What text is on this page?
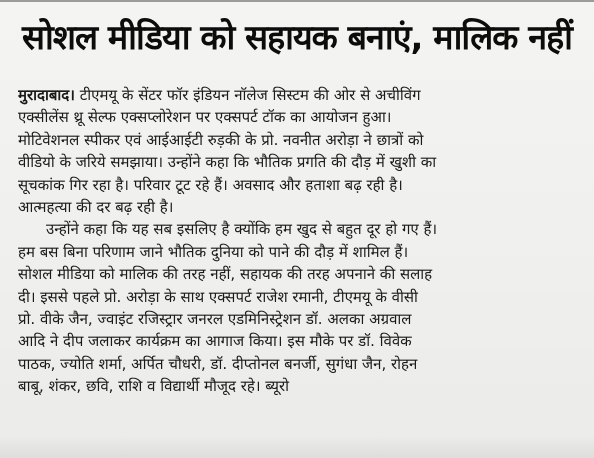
सोशल मीडिया को सहायक बनाएं, मालिक नहीं
मुरादाबाद। टीएमयू के सेंटर फॉर इंडियन नॉलेज सिस्टम की ओर से अचीविंग
एक्सीलेंस थ्रू सेल्फ एक्सप्लोरेशन पर एक्सपर्ट टॉक का आयोजन हुआ।
मोटिवेशनल स्पीकर एवं आईआईटी रुड़की के प्रो. नवनीत अरोड़ा ने छात्रों को
वीडियो के जरिये समझाया। उन्होंने कहा कि भौतिक प्रगति की दौड़ में खुशी का
सूचकांक गिर रहा है। परिवार टूट रहे हैं। अवसाद और हताशा बढ़ रही है।
आत्महत्या की दर बढ़ रही है।
उन्होंने कहा कि यह सब इसलिए है क्योंकि हम खुद से बहुत दूर हो गए हैं।
हम बस बिना परिणाम जाने भौतिक दुनिया को पाने की दौड़ में शामिल हैं।
सोशल मीडिया को मालिक की तरह नहीं, सहायक की तरह अपनाने की सलाह
दी। इससे पहले प्रो. अरोड़ा के साथ एक्सपर्ट राजेश रमानी, टीएमयू के वीसी
प्रो. वीके जैन, ज्वाइंट रजिस्ट्रार जनरल एडमिनिस्ट्रेशन डॉ. अलका अग्रवाल
आदि ने दीप जलाकर कार्यक्रम का आगाज किया। इस मौके पर डॉ. विवेक
पाठक, ज्योति शर्मा, अर्पित चौधरी, डॉ. दीप्तोनल बनर्जी, सुगंधा जैन, रोहन
बाबू, शंकर, छवि, राशि व विद्यार्थी मौजूद रहे। ब्यूरो
